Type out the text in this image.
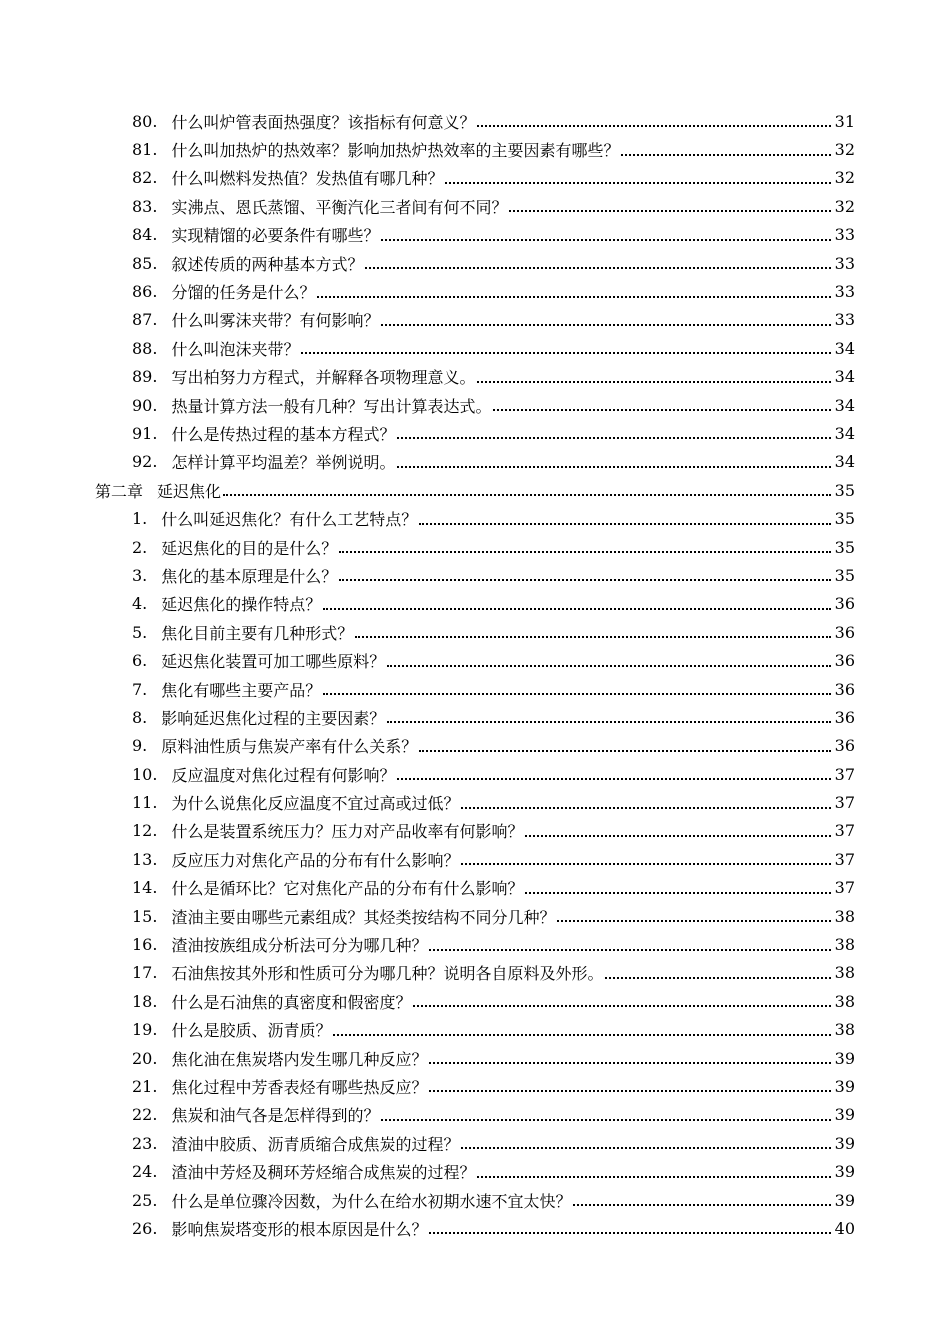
80. 什么叫炉管表面热强度？该指标有何意义？	31
81. 什么叫加热炉的热效率？影响加热炉热效率的主要因素有哪些？	32
82. 什么叫燃料发热值？发热值有哪几种？	32
83. 实沸点、恩氏蒸馏、平衡汽化三者间有何不同？	32
84. 实现精馏的必要条件有哪些？	33
85. 叙述传质的两种基本方式？	33
86. 分馏的任务是什么？	33
87. 什么叫雾沫夹带？有何影响？	33
88. 什么叫泡沫夹带？	34
89. 写出柏努力方程式，并解释各项物理意义。	34
90. 热量计算方法一般有几种？写出计算表达式。	34
91. 什么是传热过程的基本方程式？	34
92. 怎样计算平均温差？举例说明。	34
第二章 延迟焦化	35
1. 什么叫延迟焦化？有什么工艺特点？	35
2. 延迟焦化的目的是什么？	35
3. 焦化的基本原理是什么？	35
4. 延迟焦化的操作特点？	36
5. 焦化目前主要有几种形式？	36
6. 延迟焦化装置可加工哪些原料？	36
7. 焦化有哪些主要产品？	36
8. 影响延迟焦化过程的主要因素？	36
9. 原料油性质与焦炭产率有什么关系？	36
10. 反应温度对焦化过程有何影响？	37
11. 为什么说焦化反应温度不宜过高或过低？	37
12. 什么是装置系统压力？压力对产品收率有何影响？	37
13. 反应压力对焦化产品的分布有什么影响？	37
14. 什么是循环比？它对焦化产品的分布有什么影响？	37
15. 渣油主要由哪些元素组成？其烃类按结构不同分几种？	38
16. 渣油按族组成分析法可分为哪几种？	38
17. 石油焦按其外形和性质可分为哪几种？说明各自原料及外形。	38
18. 什么是石油焦的真密度和假密度？	38
19. 什么是胶质、沥青质？	38
20. 焦化油在焦炭塔内发生哪几种反应？	39
21. 焦化过程中芳香表烃有哪些热反应？	39
22. 焦炭和油气各是怎样得到的？	39
23. 渣油中胶质、沥青质缩合成焦炭的过程？	39
24. 渣油中芳烃及稠环芳烃缩合成焦炭的过程？	39
25. 什么是单位骤冷因数，为什么在给水初期水速不宜太快？	39
26. 影响焦炭塔变形的根本原因是什么？	40
